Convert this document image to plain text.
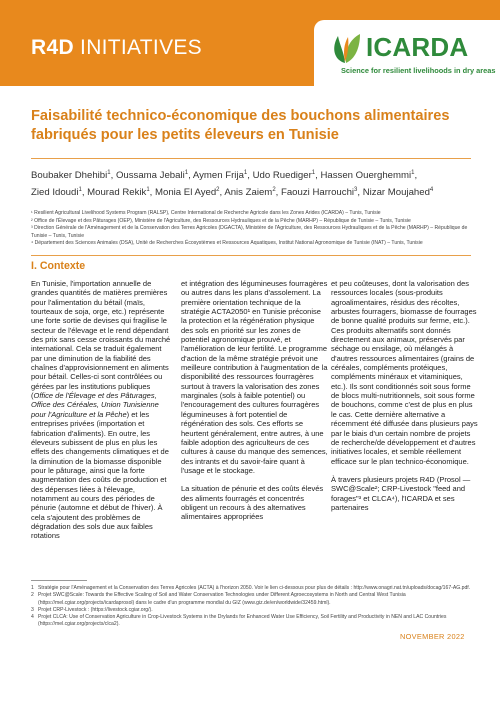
R4D INITIATIVES	ICARDA
Science for resilient livelihoods in dry areas
Faisabilité technico-économique des bouchons alimentaires fabriqués pour les petits éleveurs en Tunisie
Boubaker Dhehibi$^1$, Oussama Jebali$^1$, Aymen Frija$^1$, Udo Ruediger$^1$, Hassen Ouerghemmi$^1$,
Zied Idoudi$^1$, Mourad Rekik$^1$, Monia El Ayed$^2$, Anis Zaiem$^2$, Faouzi Harrouchi$^3$, Nizar Moujahed$^4$
¹ Resilient Agricultural Livelihood Systems Program (RALSP), Centre International de Recherche Agricole dans les Zones Arides (ICARDA) – Tunis, Tunisie
² Office de l'Élevage et des Pâturages (OEP), Ministère de l'Agriculture, des Ressources Hydrauliques et de la Pêche (MARHP) – République de Tunisie – Tunis, Tunisie
³ Direction Générale de l'Aménagement et de la Conservation des Terres Agricoles (DGACTA), Ministère de l'Agriculture, des Ressources Hydrauliques et de la Pêche (MARHP) – République de Tunisie – Tunis, Tunisie
⁴ Département des Sciences Animales (DSA), Unité de Recherches Écosystèmes et Ressources Aquatiques, Institut National Agronomique de Tunisie (INAT) – Tunis, Tunisie
I. Contexte

En Tunisie, l'importation annuelle de grandes quantités de matières premières pour l'alimentation du bétail (maïs, tourteaux de soja, orge, etc.) représente une forte sortie de devises qui fragilise le secteur de l'élevage et le rend dépendant des prix sans cesse croissants du marché international. Cela se traduit également par une diminution de la fiabilité des chaînes d'approvisionnement en aliments pour bétail. Celles-ci sont contrôlées ou gérées par les institutions publiques (Office de l'Élevage et des Pâturages, Office des Céréales, Union Tunisienne pour l'Agriculture et la Pêche) et les entreprises privées (importation et fabrication d'aliments). En outre, les éleveurs subissent de plus en plus les effets des changements climatiques et de la diminution de la biomasse disponible pour le pâturage, ainsi que la forte augmentation des coûts de production et des dépenses liées à l'élevage, notamment au cours des périodes de pénurie (automne et début de l'hiver). À cela s'ajoutent des problèmes de dégradation des sols due aux faibles rotations

et intégration des légumineuses fourragères ou autres dans les plans d'assolement. La première orientation technique de la stratégie ACTA2050¹ en Tunisie préconise la protection et la régénération physique des sols en priorité sur les zones de potentiel agronomique prouvé, et l'amélioration de leur fertilité. Le programme d'action de la même stratégie prévoit une meilleure contribution à l'augmentation de la disponibilité des ressources fourragères surtout à travers la valorisation des zones marginales (sols à faible potentiel) ou l'encouragement des cultures fourragères légumineuses à fort potentiel de régénération des sols. Ces efforts se heurtent généralement, entre autres, à une faible adoption des agriculteurs de ces cultures à cause du manque des semences, des intrants et du savoir-faire quant à l'usage et le stockage.

La situation de pénurie et des coûts élevés des aliments fourragés et concentrés obligent un recours à des alternatives alimentaires appropriées

et peu coûteuses, dont la valorisation des ressources locales (sous-produits agroalimentaires, résidus des récoltes, arbustes fourragers, biomasse de fourrages de bonne qualité produits sur ferme, etc.). Ces produits alternatifs sont donnés directement aux animaux, préservés par séchage ou ensilage, où mélangés à d'autres ressources alimentaires (grains de céréales, compléments protéiques, compléments minéraux et vitaminiques, etc.). Ils sont conditionnés soit sous forme de blocs multi-nutritionnels, soit sous forme de bouchons, comme c'est de plus en plus le cas. Cette dernière alternative a récemment été diffusée dans plusieurs pays par le biais d'un certain nombre de projets de recherche/de développement et d'autres initiatives locales, et semble réellement efficace sur le plan technico-économique.

À travers plusieurs projets R4D (Prosol — SWC@Scale²; CRP-Livestock "feed and forages"³ et CLCA⁴), l'ICARDA et ses partenaires

1 Stratégie pour l'Aménagement et la Conservation des Terres Agricoles (ACTA) à l'horizon 2050. Voir le lien ci-dessous pour plus de détails : http://www.onagri.nat.tn/uploads/docag/167-AG.pdf.
2 Projet SWC@Scale: Towards the Effective Scaling of Soil and Water Conservation Technologies under Different Agroecosystems in North and Central West Tunisia (https://mel.cgiar.org/projects/icardaprosol) dans le cadre d'un programme mondial du GIZ (www.giz.de/en/worldwide/32459.html).
3 Projet CRP-Livestock : (https://livestock.cgiar.org/).
4 Projet CLCA: Use of Conservation Agriculture in Crop-Livestock Systems in the Drylands for Enhanced Water Use Efficiency, Soil Fertility and Productivity in NEN and LAC Countries (https://mel.cgiar.org/projects/clca2).
NOVEMBER 2022
